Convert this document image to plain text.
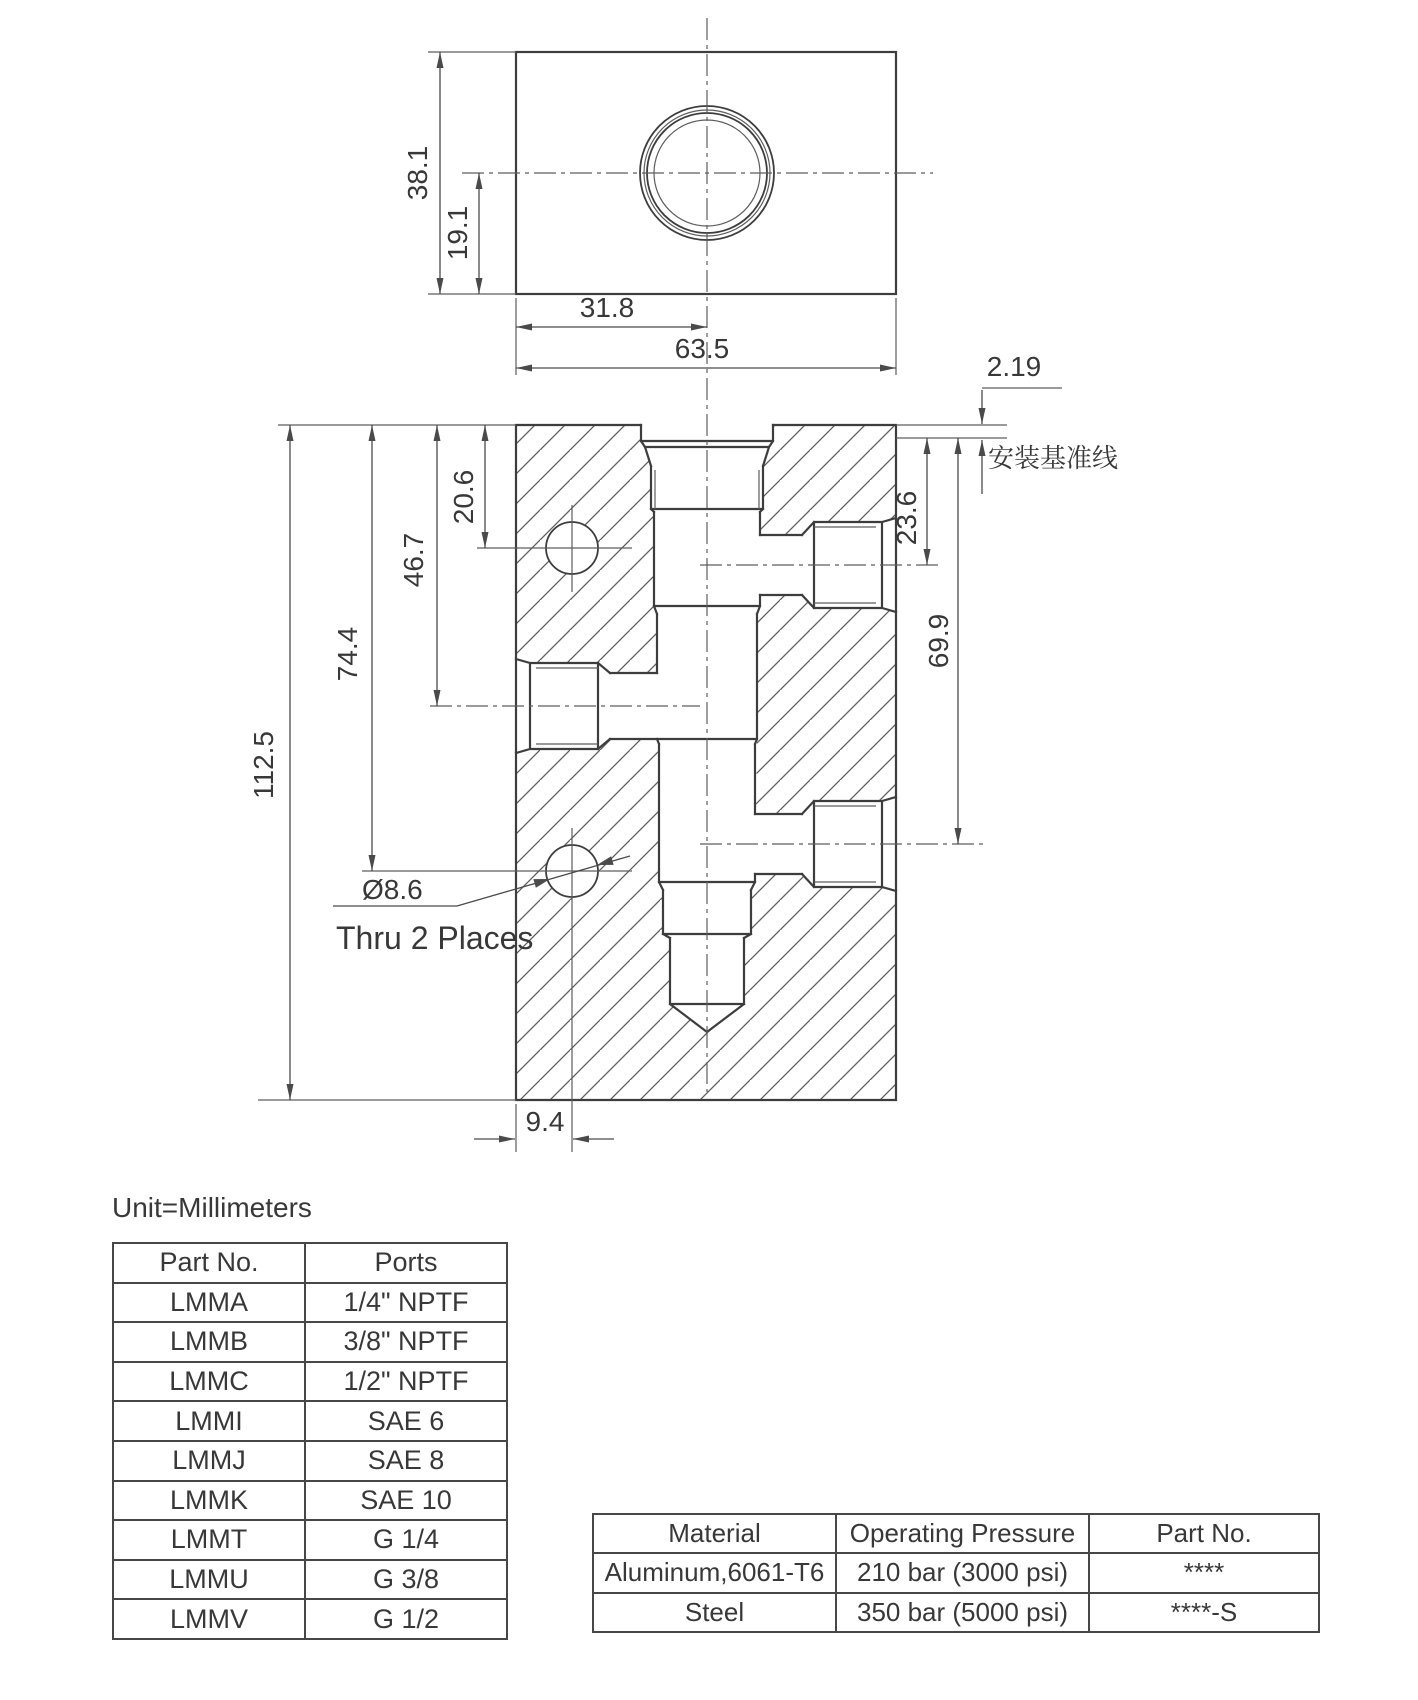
38.1
19.1
31.8
63.5
2.19
20.6
46.7
74.4
112.5
23.6
69.9
9.4
Ø8.6
Thru 2 Places
安装基准线
Unit=Millimeters
Part No.	Ports
LMMA	1/4" NPTF
LMMB	3/8" NPTF
LMMC	1/2" NPTF
LMMI	SAE 6
LMMJ	SAE 8
LMMK	SAE 10
LMMT	G 1/4
LMMU	G 3/8
LMMV	G 1/2
Material	Operating Pressure	Part No.
Aluminum,6061-T6	210 bar (3000 psi)	****
Steel	350 bar (5000 psi)	****-S
